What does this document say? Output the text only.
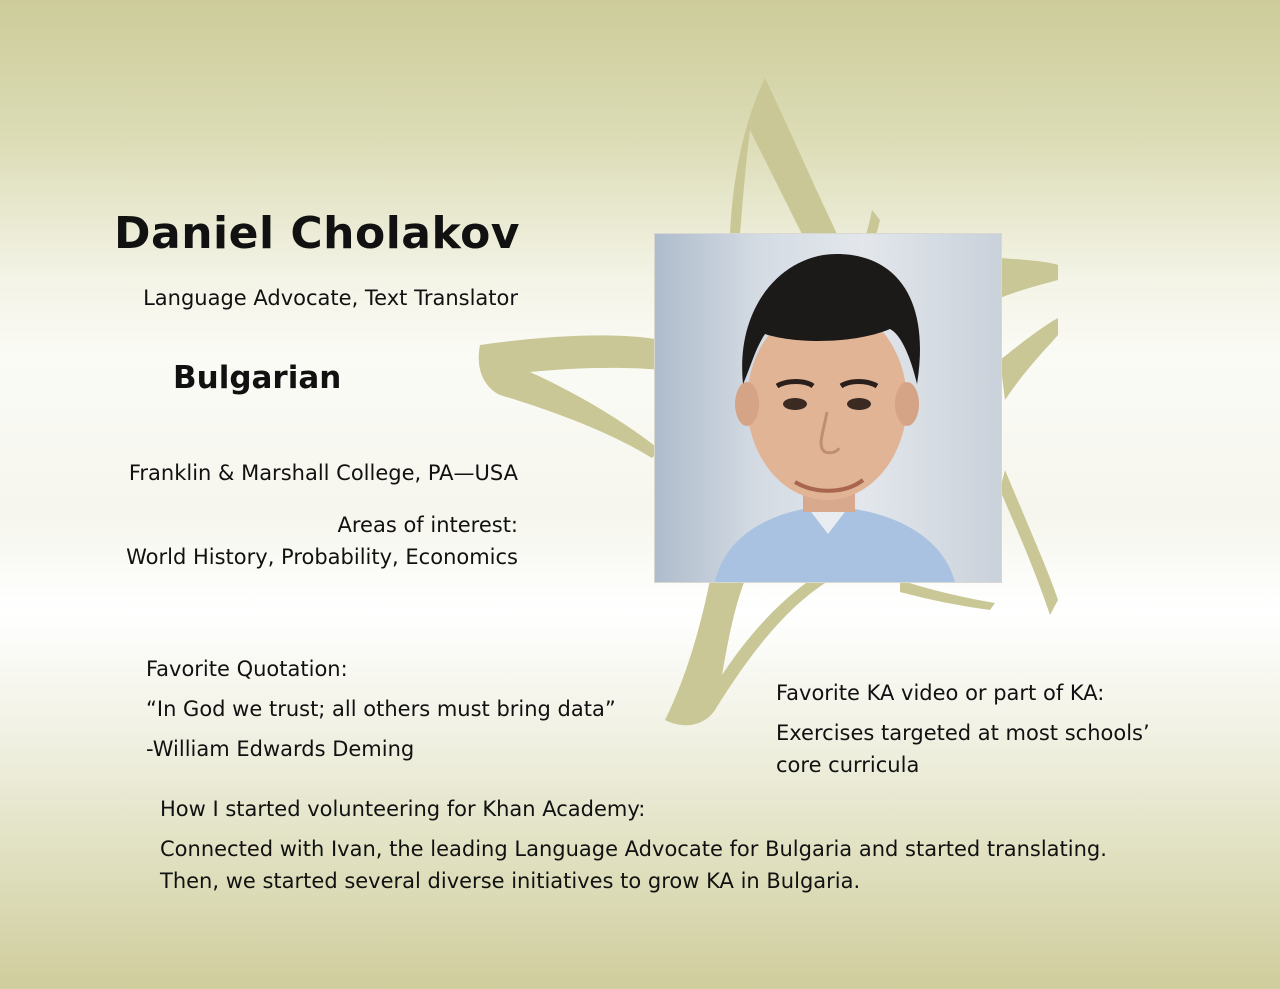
Daniel Cholakov
Language Advocate, Text Translator
Bulgarian
Franklin & Marshall College, PA—USA
Areas of interest:
World History, Probability, Economics
Favorite Quotation:
“In God we trust; all others must bring data”
-William Edwards Deming
Favorite KA video or part of KA:
Exercises targeted at most schools’
core curricula
How I started volunteering for Khan Academy:
Connected with Ivan, the leading Language Advocate for Bulgaria and started translating.
Then, we started several diverse initiatives to grow KA in Bulgaria.
